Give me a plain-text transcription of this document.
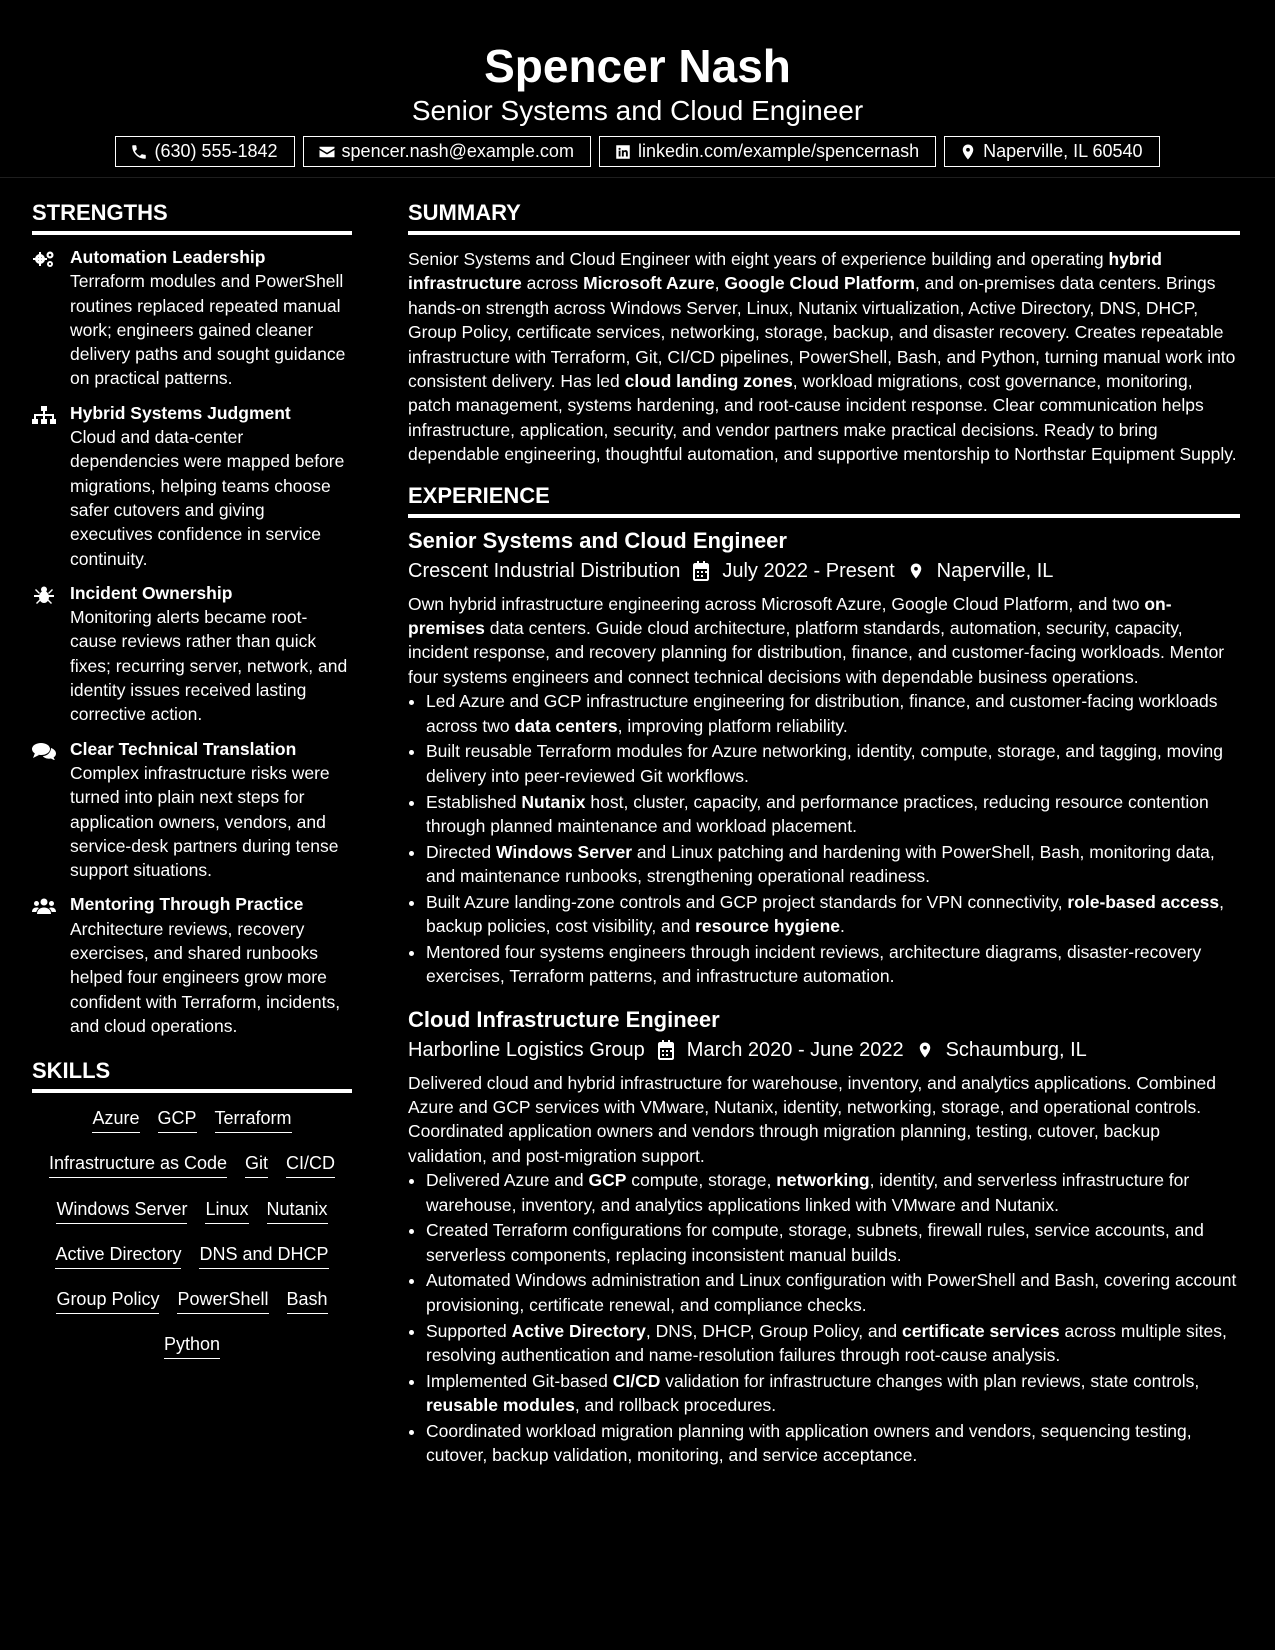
Spencer Nash
Senior Systems and Cloud Engineer
(630) 555-1842	spencer.nash@example.com	linkedin.com/example/spencernash	Naperville, IL 60540
STRENGTHS
Automation Leadership
Terraform modules and PowerShell routines replaced repeated manual work; engineers gained cleaner delivery paths and sought guidance on practical patterns.
Hybrid Systems Judgment
Cloud and data-center dependencies were mapped before migrations, helping teams choose safer cutovers and giving executives confidence in service continuity.
Incident Ownership
Monitoring alerts became root-cause reviews rather than quick fixes; recurring server, network, and identity issues received lasting corrective action.
Clear Technical Translation
Complex infrastructure risks were turned into plain next steps for application owners, vendors, and service-desk partners during tense support situations.
Mentoring Through Practice
Architecture reviews, recovery exercises, and shared runbooks helped four engineers grow more confident with Terraform, incidents, and cloud operations.
SKILLS
Azure GCP Terraform
Infrastructure as Code Git CI/CD
Windows Server Linux Nutanix
Active Directory DNS and DHCP
Group Policy PowerShell Bash
Python
SUMMARY

Senior Systems and Cloud Engineer with eight years of experience building and operating hybrid infrastructure across Microsoft Azure, Google Cloud Platform, and on-premises data centers. Brings hands-on strength across Windows Server, Linux, Nutanix virtualization, Active Directory, DNS, DHCP, Group Policy, certificate services, networking, storage, backup, and disaster recovery. Creates repeatable infrastructure with Terraform, Git, CI/CD pipelines, PowerShell, Bash, and Python, turning manual work into consistent delivery. Has led cloud landing zones, workload migrations, cost governance, monitoring, patch management, systems hardening, and root-cause incident response. Clear communication helps infrastructure, application, security, and vendor partners make practical decisions. Ready to bring dependable engineering, thoughtful automation, and supportive mentorship to Northstar Equipment Supply.

EXPERIENCE
Senior Systems and Cloud Engineer
Crescent Industrial Distribution July 2022 - Present Naperville, IL
Own hybrid infrastructure engineering across Microsoft Azure, Google Cloud Platform, and two on-premises data centers. Guide cloud architecture, platform standards, automation, security, capacity, incident response, and recovery planning for distribution, finance, and customer-facing workloads. Mentor four systems engineers and connect technical decisions with dependable business operations.
• Led Azure and GCP infrastructure engineering for distribution, finance, and customer-facing workloads across two data centers, improving platform reliability.
• Built reusable Terraform modules for Azure networking, identity, compute, storage, and tagging, moving delivery into peer-reviewed Git workflows.
• Established Nutanix host, cluster, capacity, and performance practices, reducing resource contention through planned maintenance and workload placement.
• Directed Windows Server and Linux patching and hardening with PowerShell, Bash, monitoring data, and maintenance runbooks, strengthening operational readiness.
• Built Azure landing-zone controls and GCP project standards for VPN connectivity, role-based access, backup policies, cost visibility, and resource hygiene.
• Mentored four systems engineers through incident reviews, architecture diagrams, disaster-recovery exercises, Terraform patterns, and infrastructure automation.
Cloud Infrastructure Engineer
Harborline Logistics Group March 2020 - June 2022 Schaumburg, IL
Delivered cloud and hybrid infrastructure for warehouse, inventory, and analytics applications. Combined Azure and GCP services with VMware, Nutanix, identity, networking, storage, and operational controls. Coordinated application owners and vendors through migration planning, testing, cutover, backup validation, and post-migration support.
• Delivered Azure and GCP compute, storage, networking, identity, and serverless infrastructure for warehouse, inventory, and analytics applications linked with VMware and Nutanix.
• Created Terraform configurations for compute, storage, subnets, firewall rules, service accounts, and serverless components, replacing inconsistent manual builds.
• Automated Windows administration and Linux configuration with PowerShell and Bash, covering account provisioning, certificate renewal, and compliance checks.
• Supported Active Directory, DNS, DHCP, Group Policy, and certificate services across multiple sites, resolving authentication and name-resolution failures through root-cause analysis.
• Implemented Git-based CI/CD validation for infrastructure changes with plan reviews, state controls, reusable modules, and rollback procedures.
• Coordinated workload migration planning with application owners and vendors, sequencing testing, cutover, backup validation, monitoring, and service acceptance.
